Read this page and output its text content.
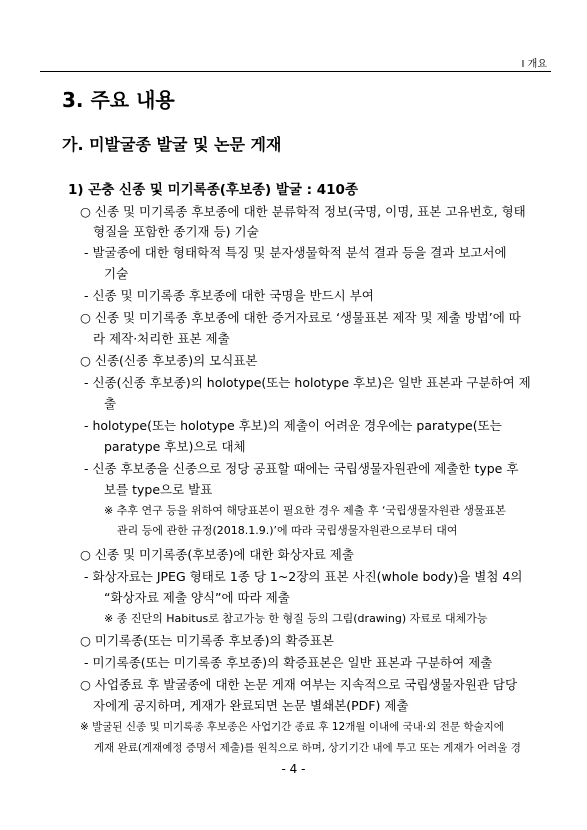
Ⅰ 개요
3. 주요 내용
가. 미발굴종 발굴 및 논문 게재
1) 곤충 신종 및 미기록종(후보종) 발굴 : 410종
○ 신종 및 미기록종 후보종에 대한 분류학적 정보(국명, 이명, 표본 고유번호, 형태
형질을 포함한 종기재 등) 기술
- 발굴종에 대한 형태학적 특징 및 분자생물학적 분석 결과 등을 결과 보고서에
기술
- 신종 및 미기록종 후보종에 대한 국명을 반드시 부여
○ 신종 및 미기록종 후보종에 대한 증거자료로 ‘생물표본 제작 및 제출 방법’에 따
라 제작·처리한 표본 제출
○ 신종(신종 후보종)의 모식표본
- 신종(신종 후보종)의 holotype(또는 holotype 후보)은 일반 표본과 구분하여 제
출
- holotype(또는 holotype 후보)의 제출이 어려운 경우에는 paratype(또는
paratype 후보)으로 대체
- 신종 후보종을 신종으로 정당 공표할 때에는 국립생물자원관에 제출한 type 후
보를 type으로 발표
※ 추후 연구 등을 위하여 해당표본이 필요한 경우 제출 후 ‘국립생물자원관 생물표본
관리 등에 관한 규정(2018.1.9.)’에 따라 국립생물자원관으로부터 대여
○ 신종 및 미기록종(후보종)에 대한 화상자료 제출
- 화상자료는 JPEG 형태로 1종 당 1~2장의 표본 사진(whole body)을 별첨 4의
“화상자료 제출 양식”에 따라 제출
※ 종 진단의 Habitus로 참고가능 한 형질 등의 그림(drawing) 자료로 대체가능
○ 미기록종(또는 미기록종 후보종)의 확증표본
- 미기록종(또는 미기록종 후보종)의 확증표본은 일반 표본과 구분하여 제출
○ 사업종료 후 발굴종에 대한 논문 게재 여부는 지속적으로 국립생물자원관 담당
자에게 공지하며, 게재가 완료되면 논문 별쇄본(PDF) 제출
※ 발굴된 신종 및 미기록종 후보종은 사업기간 종료 후 12개월 이내에 국내·외 전문 학술지에
게재 완료(게재예정 증명서 제출)를 원칙으로 하며, 상기기간 내에 투고 또는 게재가 어려울 경
- 4 -
